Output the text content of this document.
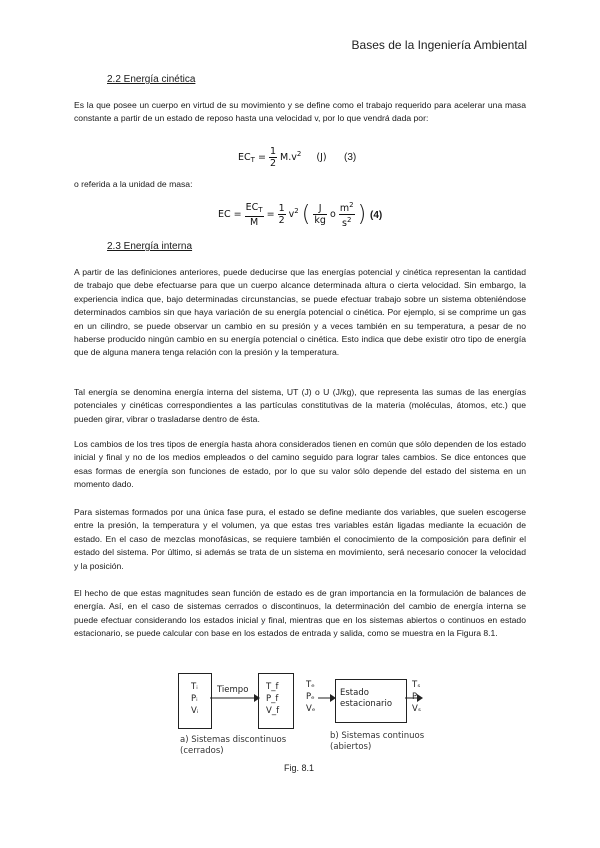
Bases de la Ingeniería Ambiental
2.2 Energía cinética

Es la que posee un cuerpo en virtud de su movimiento y se define como el trabajo requerido para acelerar una masa constante a partir de un estado de reposo hasta una velocidad v, por lo que vendrá dada por:

$EC_T = \frac{1}{2} M.v^2$ (J) (3)

o referida a la unidad de masa:

EC = $\frac{EC_T}{M} = \frac{1}{2} v^2$ ( $\frac{J}{kg}$ o $\frac{m^2}{s^2}$ ) (4)
2.3 Energía interna

A partir de las definiciones anteriores, puede deducirse que las energías potencial y cinética representan la cantidad de trabajo que debe efectuarse para que un cuerpo alcance determinada altura o cierta velocidad. Sin embargo, la experiencia indica que, bajo determinadas circunstancias, se puede efectuar trabajo sobre un sistema obteniéndose determinados cambios sin que haya variación de su energía potencial o cinética. Por ejemplo, si se comprime un gas en un cilindro, se puede observar un cambio en su presión y a veces también en su temperatura, a pesar de no haberse producido ningún cambio en su energía potencial o cinética. Esto indica que debe existir otro tipo de energía que de alguna manera tenga relación con la presión y la temperatura.

Tal energía se denomina energía interna del sistema, UT (J) o U (J/kg), que representa las sumas de las energías potenciales y cinéticas correspondientes a las partículas constitutivas de la materia (moléculas, átomos, etc.) que pueden girar, vibrar o trasladarse dentro de ésta.

Los cambios de los tres tipos de energía hasta ahora considerados tienen en común que sólo dependen de los estado inicial y final y no de los medios empleados o del camino seguido para lograr tales cambios. Se dice entonces que esas formas de energía son funciones de estado, por lo que su valor sólo depende del estado del sistema en un momento dado.

Para sistemas formados por una única fase pura, el estado se define mediante dos variables, que suelen escogerse entre la presión, la temperatura y el volumen, ya que estas tres variables están ligadas mediante la ecuación de estado. En el caso de mezclas monofásicas, se requiere también el conocimiento de la composición para definir el estado del sistema. Por último, si además se trata de un sistema en movimiento, será necesario conocer la velocidad y la posición.

El hecho de que estas magnitudes sean función de estado es de gran importancia en la formulación de balances de energía. Así, en el caso de sistemas cerrados o discontinuos, la determinación del cambio de energía interna se puede efectuar considerando los estados inicial y final, mientras que en los sistemas abiertos o continuos en estado estacionario, se puede calcular con base en los estados de entrada y salida, como se muestra en la Figura 8.1.

Tᵢ
Pᵢ
Vᵢ
Tiempo T_f
P_f
V_f
a) Sistemas discontinuos
(cerrados)
Tₑ
Pₑ
Vₑ
Estado
estacionario
Tₛ
Pₛ
Vₛ
b) Sistemas continuos
(abiertos)
Fig. 8.1
